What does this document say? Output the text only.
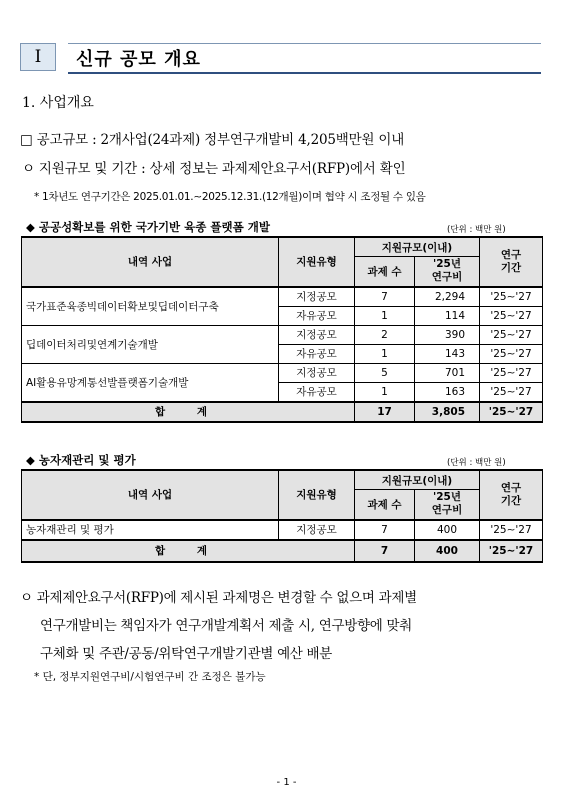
I	신규 공모 개요
1. 사업개요
□ 공고규모 : 2개사업(24과제) 정부연구개발비 4,205백만원 이내
ㅇ 지원규모 및 기간 : 상세 정보는 과제제안요구서(RFP)에서 확인
* 1차년도 연구기간은 2025.01.01.∼2025.12.31.(12개월)이며 협약 시 조정될 수 있음
◆ 공공성확보를 위한 국가기반 육종 플랫폼 개발	(단위 : 백만 원)
내역 사업	지원유형	지원규모(이내)		연구
기간
		과제 수	'25년
연구비	
국가표준육종빅데이터확보및딥데이터구축	지정공모	7	2,294	'25∼'27
	자유공모	1	114	'25∼'27
딥데이터처리및연계기술개발	지정공모	2	390	'25∼'27
	자유공모	1	143	'25∼'27
AI활용유망계통선발플랫폼기술개발	지정공모	5	701	'25∼'27
	자유공모	1	163	'25∼'27
합 계		17	3,805	'25∼'27
◆ 농자재관리 및 평가	(단위 : 백만 원)
내역 사업	지원유형	지원규모(이내)		연구
기간
		과제 수	'25년
연구비	
농자재관리 및 평가	지정공모	7	400	'25∼'27
합 계		7	400	'25∼'27
ㅇ 과제제안요구서(RFP)에 제시된 과제명은 변경할 수 없으며 과제별
연구개발비는 책임자가 연구개발계획서 제출 시, 연구방향에 맞춰
구체화 및 주관/공동/위탁연구개발기관별 예산 배분
* 단, 정부지원연구비/시험연구비 간 조정은 불가능
- 1 -
